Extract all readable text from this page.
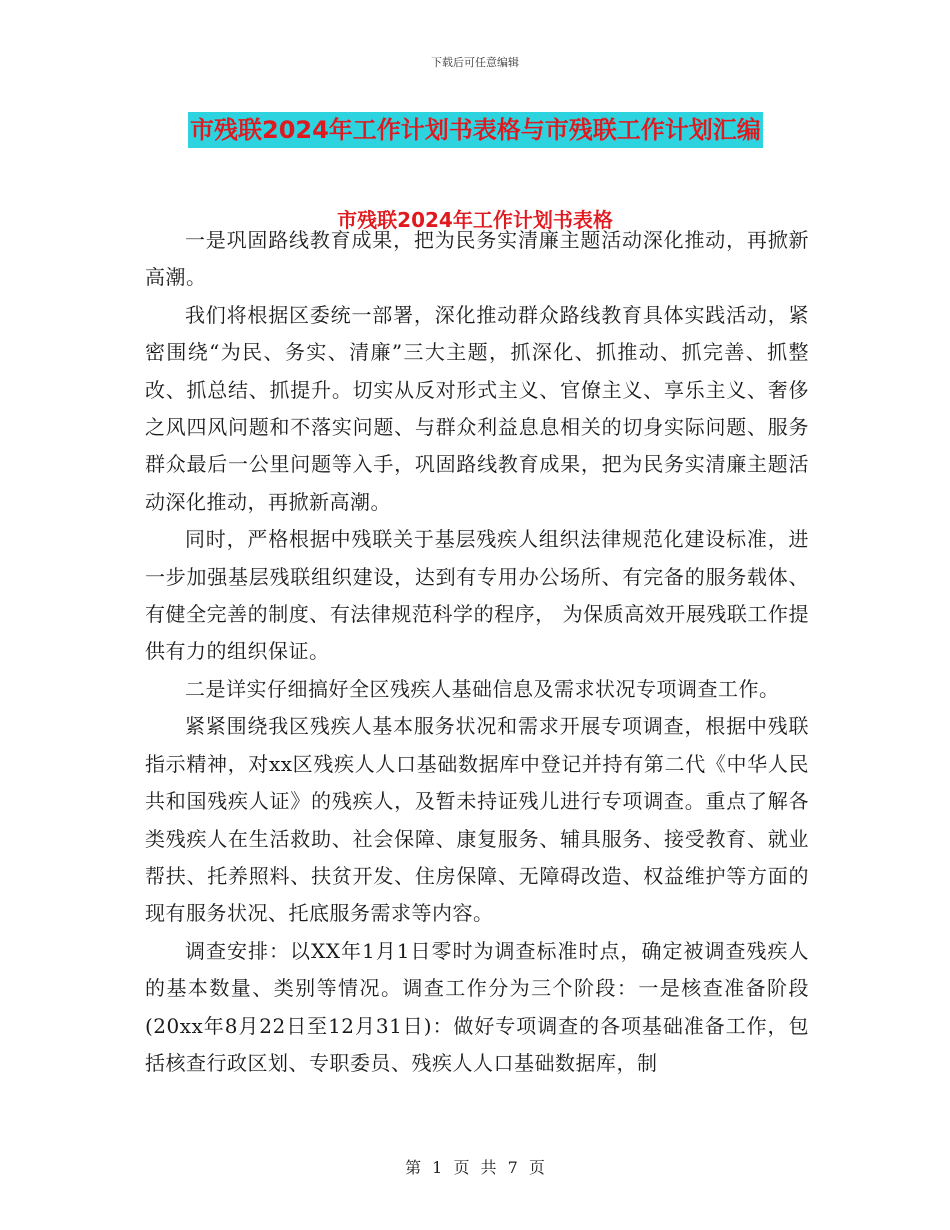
下载后可任意编辑
市残联2024年工作计划书表格与市残联工作计划汇编
市残联2024年工作计划书表格

一是巩固路线教育成果，把为民务实清廉主题活动深化推动，再掀新高潮。

我们将根据区委统一部署，深化推动群众路线教育具体实践活动，紧密围绕“为民、务实、清廉”三大主题，抓深化、抓推动、抓完善、抓整改、抓总结、抓提升。切实从反对形式主义、官僚主义、享乐主义、奢侈之风四风问题和不落实问题、与群众利益息息相关的切身实际问题、服务群众最后一公里问题等入手，巩固路线教育成果，把为民务实清廉主题活动深化推动，再掀新高潮。

同时，严格根据中残联关于基层残疾人组织法律规范化建设标准，进一步加强基层残联组织建设，达到有专用办公场所、有完备的服务载体、有健全完善的制度、有法律规范科学的程序， 为保质高效开展残联工作提供有力的组织保证。

二是详实仔细搞好全区残疾人基础信息及需求状况专项调查工作。

紧紧围绕我区残疾人基本服务状况和需求开展专项调查，根据中残联指示精神，对xx区残疾人人口基础数据库中登记并持有第二代《中华人民共和国残疾人证》的残疾人，及暂未持证残儿进行专项调查。重点了解各类残疾人在生活救助、社会保障、康复服务、辅具服务、接受教育、就业帮扶、托养照料、扶贫开发、住房保障、无障碍改造、权益维护等方面的现有服务状况、托底服务需求等内容。

调查安排：以XX年1月1日零时为调查标准时点，确定被调查残疾人的基本数量、类别等情况。调查工作分为三个阶段：一是核查准备阶段(20xx年8月22日至12月31日)：做好专项调查的各项基础准备工作，包括核查行政区划、专职委员、残疾人人口基础数据库，制

第 1 页 共 7 页
